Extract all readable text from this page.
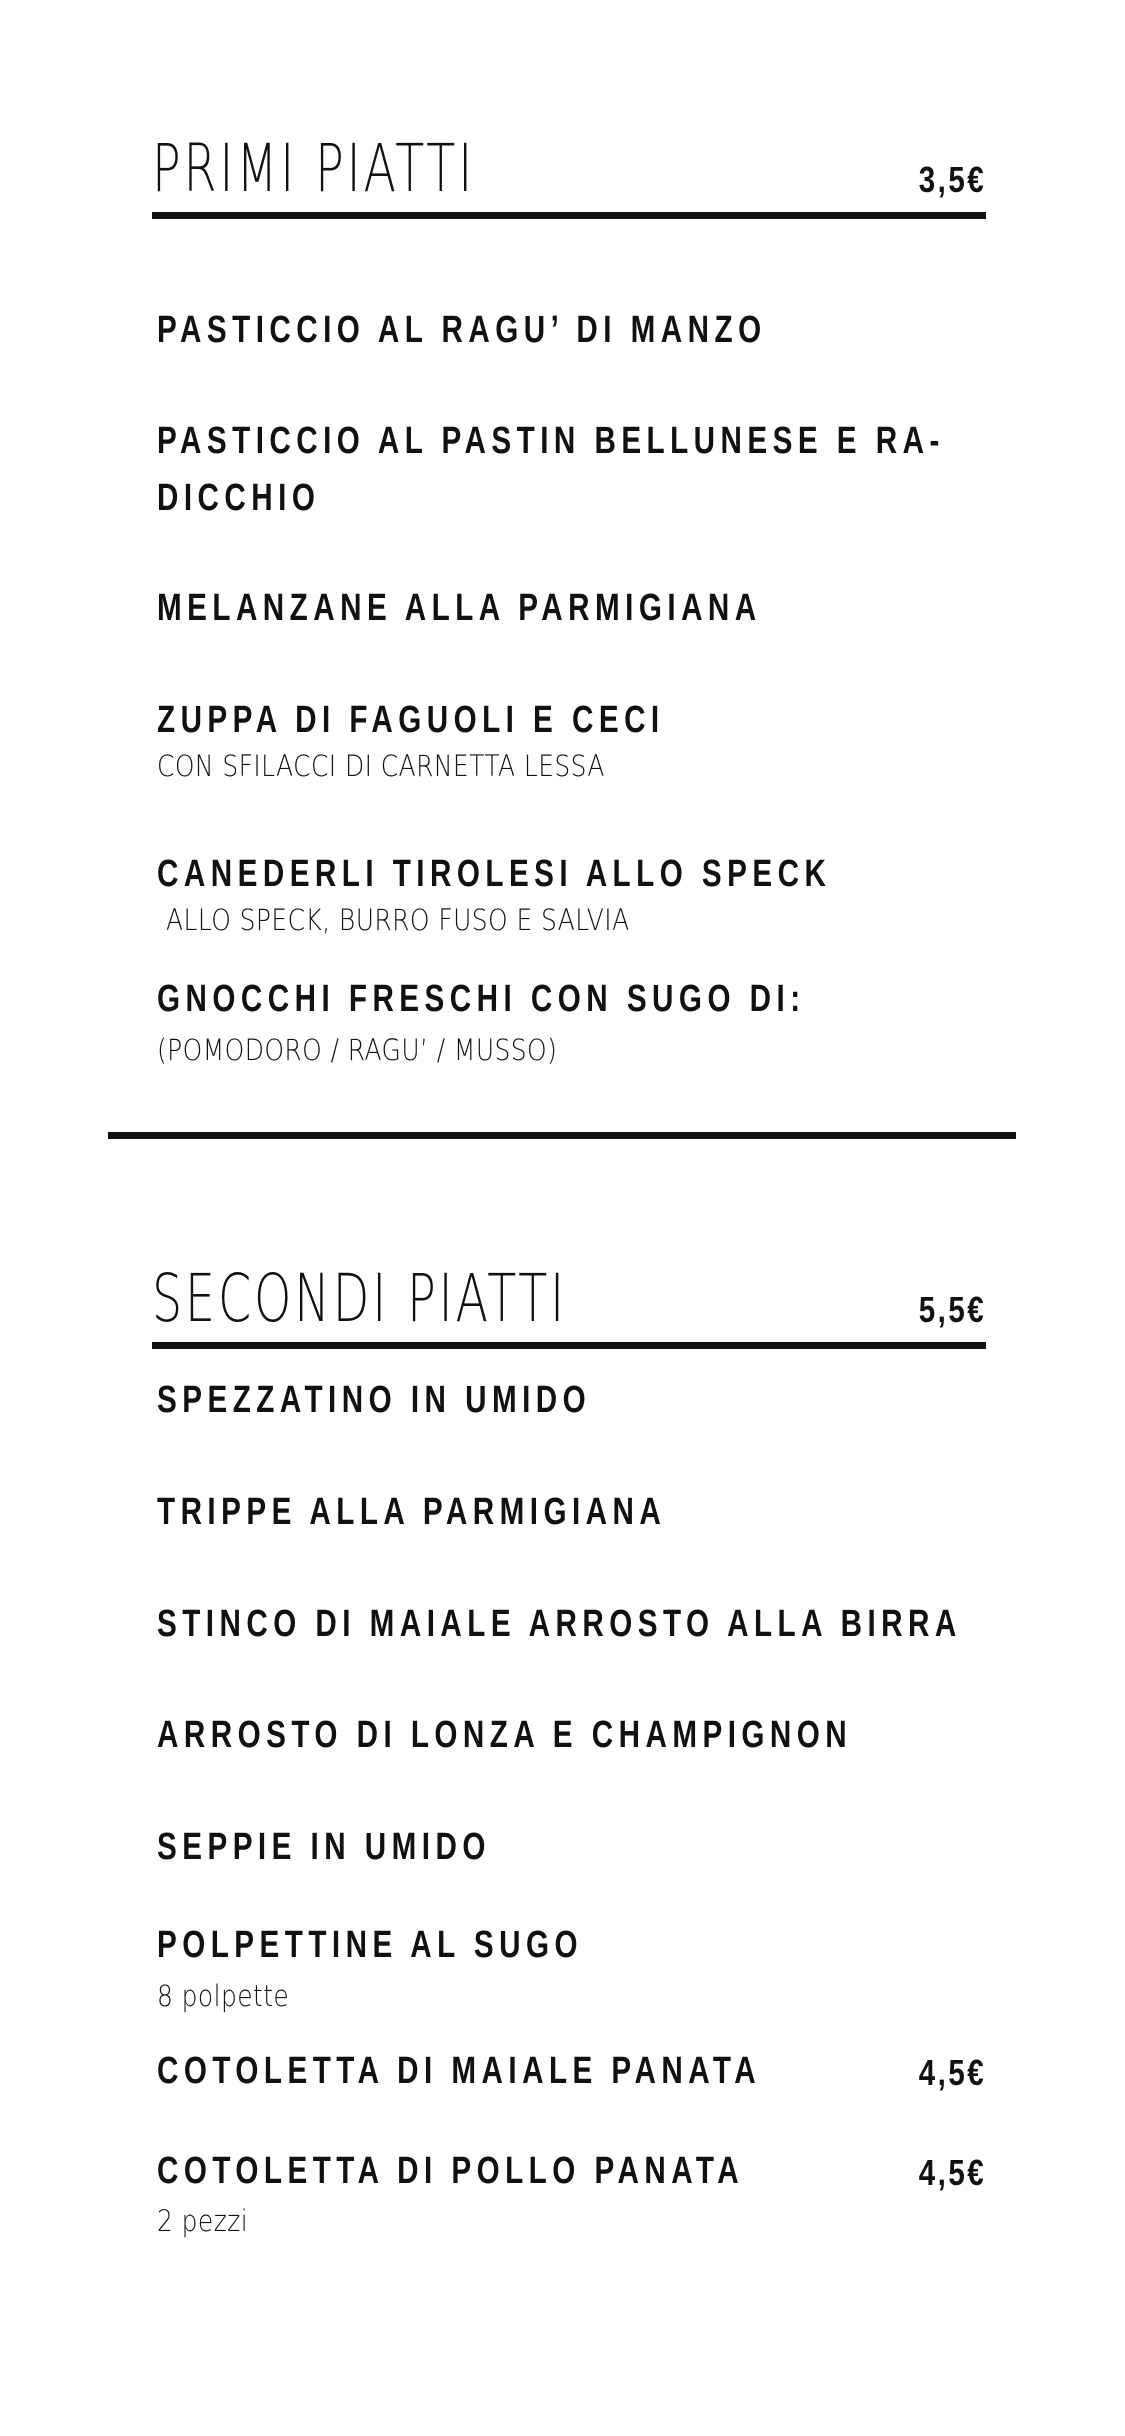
PRIMI PIATTI	3,5€
PASTICCIO AL RAGU’ DI MANZO
PASTICCIO AL PASTIN BELLUNESE E RA-
DICCHIO
MELANZANE ALLA PARMIGIANA
ZUPPA DI FAGUOLI E CECI
CON SFILACCI DI CARNETTA LESSA
CANEDERLI TIROLESI ALLO SPECK
ALLO SPECK, BURRO FUSO E SALVIA
GNOCCHI FRESCHI CON SUGO DI:
(POMODORO / RAGU’ / MUSSO)
SECONDI PIATTI	5,5€
SPEZZATINO IN UMIDO
TRIPPE ALLA PARMIGIANA
STINCO DI MAIALE ARROSTO ALLA BIRRA
ARROSTO DI LONZA E CHAMPIGNON
SEPPIE IN UMIDO
POLPETTINE AL SUGO
8 polpette
COTOLETTA DI MAIALE PANATA	4,5€
COTOLETTA DI POLLO PANATA	4,5€
2 pezzi
